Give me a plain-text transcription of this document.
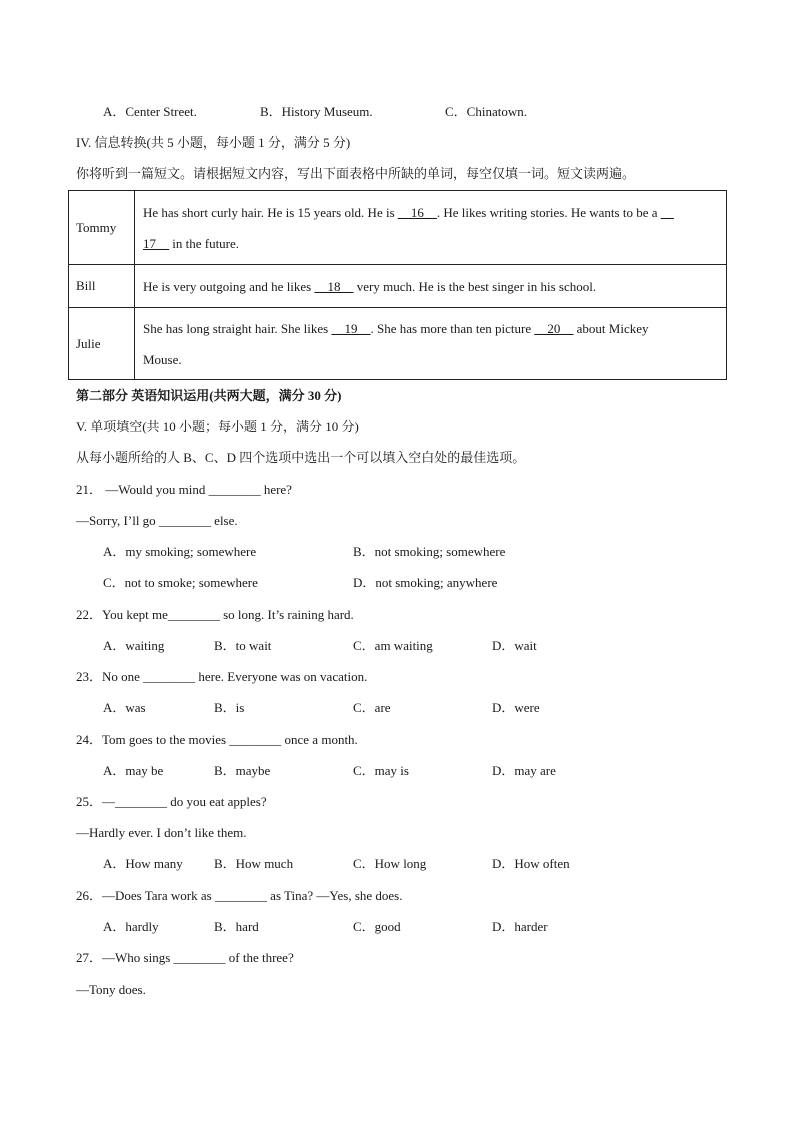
A．Center Street.	B．History Museum.	C．Chinatown.
IV. 信息转换(共 5 小题，每小题 1 分，满分 5 分)
你将听到一篇短文。请根据短文内容，写出下面表格中所缺的单词，每空仅填一词。短文读两遍。
Tommy	He has short curly hair. He is 15 years old. He is __16__. He likes writing stories. He wants to be a __
17__ in the future.
Bill	He is very outgoing and he likes __18__ very much. He is the best singer in his school.
Julie	She has long straight hair. She likes __19__. She has more than ten picture __20__ about Mickey
Mouse.
第二部分 英语知识运用(共两大题，满分 30 分)
V. 单项填空(共 10 小题；每小题 1 分，满分 10 分)
从每小题所给的人 B、C、D 四个选项中选出一个可以填入空白处的最佳选项。
21． —Would you mind ________ here?
—Sorry, I’ll go ________ else.
A．my smoking; somewhere	B．not smoking; somewhere
C．not to smoke; somewhere	D．not smoking; anywhere
22．You kept me________ so long. It’s raining hard.
A．waiting	B．to wait	C．am waiting	D．wait
23．No one ________ here. Everyone was on vacation.
A．was	B．is	C．are	D．were
24．Tom goes to the movies ________ once a month.
A．may be	B．maybe	C．may is	D．may are
25．—________ do you eat apples?
—Hardly ever. I don’t like them.
A．How many B．How much	C．How long	D．How often
26．—Does Tara work as ________ as Tina? —Yes, she does.
A．hardly	B．hard	C．good	D．harder
27．—Who sings ________ of the three?
—Tony does.
